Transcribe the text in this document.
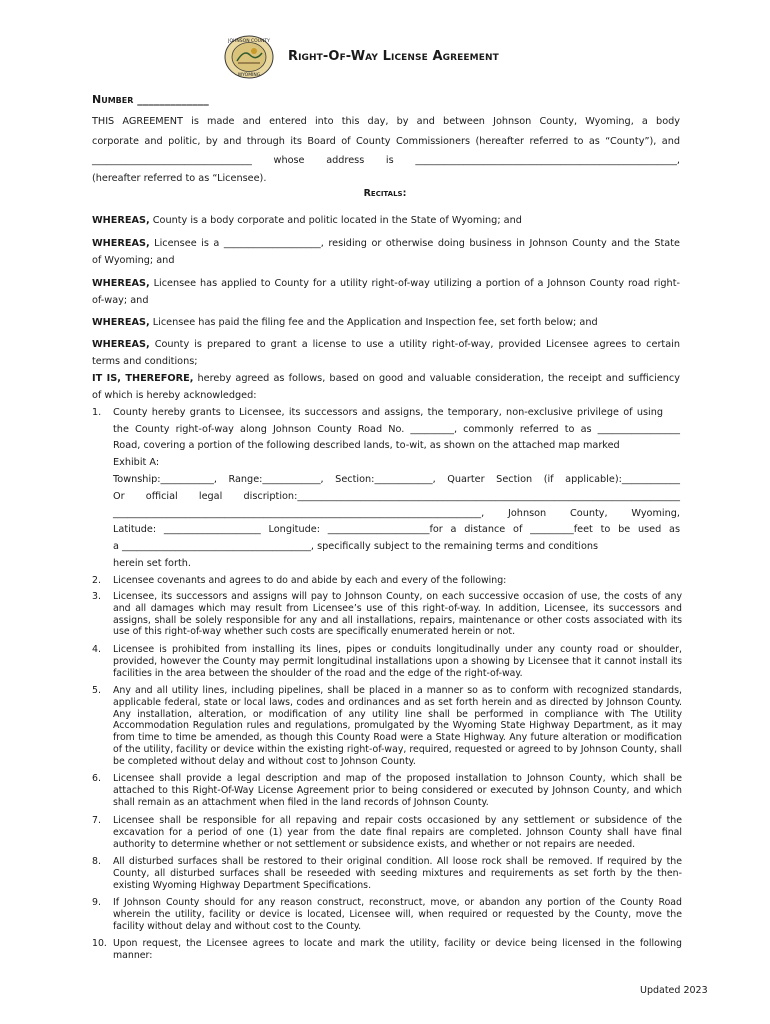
JOHNSON COUNTY
WYOMING
Right-Of-Way License Agreement
Number _____________
THIS AGREEMENT is made and entered into this day, by and between Johnson County, Wyoming, a body
corporate and politic, by and through its Board of County Commissioners (hereafter referred to as “County”), and
_________________________________ whose address is ______________________________________________________,
(hereafter referred to as “Licensee).
Recitals:
WHEREAS, County is a body corporate and politic located in the State of Wyoming; and
WHEREAS, Licensee is a ____________________, residing or otherwise doing business in Johnson County and the State
of Wyoming; and
WHEREAS, Licensee has applied to County for a utility right-of-way utilizing a portion of a Johnson County road right-
of-way; and
WHEREAS, Licensee has paid the filing fee and the Application and Inspection fee, set forth below; and
WHEREAS, County is prepared to grant a license to use a utility right-of-way, provided Licensee agrees to certain
terms and conditions;
IT IS, THEREFORE, hereby agreed as follows, based on good and valuable consideration, the receipt and sufficiency
of which is hereby acknowledged:
1. County hereby grants to Licensee, its successors and assigns, the temporary, non-exclusive privilege of using
the County right-of-way along Johnson County Road No. _________, commonly referred to as _________________
Road, covering a portion of the following described lands, to-wit, as shown on the attached map marked
Exhibit A:
Township:___________, Range:____________, Section:____________, Quarter Section (if applicable):____________
Or official legal discription:_______________________________________________________________________________
____________________________________________________________________________, Johnson County, Wyoming,
Latitude: ____________________ Longitude: _____________________for a distance of _________feet to be used as
a _______________________________________, specifically subject to the remaining terms and conditions
herein set forth.
2. Licensee covenants and agrees to do and abide by each and every of the following:
3. Licensee, its successors and assigns will pay to Johnson County, on each successive occasion of use, the costs of any and all damages which may result from Licensee’s use of this right-of-way. In addition, Licensee, its successors and assigns, shall be solely responsible for any and all installations, repairs, maintenance or other costs associated with its use of this right-of-way whether such costs are specifically enumerated herein or not.
4. Licensee is prohibited from installing its lines, pipes or conduits longitudinally under any county road or shoulder, provided, however the County may permit longitudinal installations upon a showing by Licensee that it cannot install its facilities in the area between the shoulder of the road and the edge of the right-of-way.
5. Any and all utility lines, including pipelines, shall be placed in a manner so as to conform with recognized standards, applicable federal, state or local laws, codes and ordinances and as set forth herein and as directed by Johnson County. Any installation, alteration, or modification of any utility line shall be performed in compliance with The Utility Accommodation Regulation rules and regulations, promulgated by the Wyoming State Highway Department, as it may from time to time be amended, as though this County Road were a State Highway. Any future alteration or modification of the utility, facility or device within the existing right-of-way, required, requested or agreed to by Johnson County, shall be completed without delay and without cost to Johnson County.
6. Licensee shall provide a legal description and map of the proposed installation to Johnson County, which shall be attached to this Right-Of-Way License Agreement prior to being considered or executed by Johnson County, and which shall remain as an attachment when filed in the land records of Johnson County.
7. Licensee shall be responsible for all repaving and repair costs occasioned by any settlement or subsidence of the excavation for a period of one (1) year from the date final repairs are completed. Johnson County shall have final authority to determine whether or not settlement or subsidence exists, and whether or not repairs are needed.
8. All disturbed surfaces shall be restored to their original condition. All loose rock shall be removed. If required by the County, all disturbed surfaces shall be reseeded with seeding mixtures and requirements as set forth by the then-existing Wyoming Highway Department Specifications.
9. If Johnson County should for any reason construct, reconstruct, move, or abandon any portion of the County Road wherein the utility, facility or device is located, Licensee will, when required or requested by the County, move the facility without delay and without cost to the County.
10. Upon request, the Licensee agrees to locate and mark the utility, facility or device being licensed in the following manner:
Updated 2023
